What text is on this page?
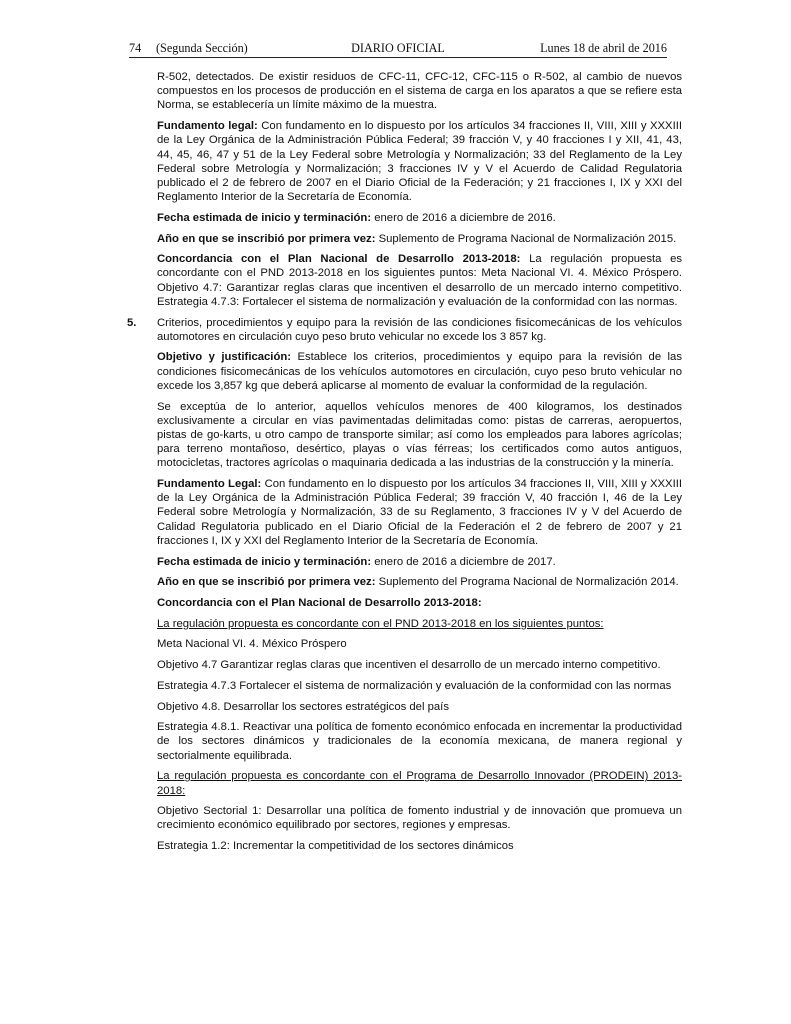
74 (Segunda Sección)	DIARIO OFICIAL	Lunes 18 de abril de 2016

R-502, detectados. De existir residuos de CFC-11, CFC-12, CFC-115 o R-502, al cambio de nuevos compuestos en los procesos de producción en el sistema de carga en los aparatos a que se refiere esta Norma, se establecería un límite máximo de la muestra.

Fundamento legal: Con fundamento en lo dispuesto por los artículos 34 fracciones II, VIII, XIII y XXXIII de la Ley Orgánica de la Administración Pública Federal; 39 fracción V, y 40 fracciones I y XII, 41, 43, 44, 45, 46, 47 y 51 de la Ley Federal sobre Metrología y Normalización; 33 del Reglamento de la Ley Federal sobre Metrología y Normalización; 3 fracciones IV y V el Acuerdo de Calidad Regulatoria publicado el 2 de febrero de 2007 en el Diario Oficial de la Federación; y 21 fracciones I, IX y XXI del Reglamento Interior de la Secretaría de Economía.

Fecha estimada de inicio y terminación: enero de 2016 a diciembre de 2016.

Año en que se inscribió por primera vez: Suplemento de Programa Nacional de Normalización 2015.

Concordancia con el Plan Nacional de Desarrollo 2013-2018: La regulación propuesta es concordante con el PND 2013-2018 en los siguientes puntos: Meta Nacional VI. 4. México Próspero. Objetivo 4.7: Garantizar reglas claras que incentiven el desarrollo de un mercado interno competitivo. Estrategia 4.7.3: Fortalecer el sistema de normalización y evaluación de la conformidad con las normas.

5. Criterios, procedimientos y equipo para la revisión de las condiciones fisicomecánicas de los vehículos automotores en circulación cuyo peso bruto vehicular no excede los 3 857 kg.

Objetivo y justificación: Establece los criterios, procedimientos y equipo para la revisión de las condiciones fisicomecánicas de los vehículos automotores en circulación, cuyo peso bruto vehicular no excede los 3,857 kg que deberá aplicarse al momento de evaluar la conformidad de la regulación.

Se exceptúa de lo anterior, aquellos vehículos menores de 400 kilogramos, los destinados exclusivamente a circular en vías pavimentadas delimitadas como: pistas de carreras, aeropuertos, pistas de go-karts, u otro campo de transporte similar; así como los empleados para labores agrícolas; para terreno montañoso, desértico, playas o vías férreas; los certificados como autos antiguos, motocicletas, tractores agrícolas o maquinaria dedicada a las industrias de la construcción y la minería.

Fundamento Legal: Con fundamento en lo dispuesto por los artículos 34 fracciones II, VIII, XIII y XXXIII de la Ley Orgánica de la Administración Pública Federal; 39 fracción V, 40 fracción I, 46 de la Ley Federal sobre Metrología y Normalización, 33 de su Reglamento, 3 fracciones IV y V del Acuerdo de Calidad Regulatoria publicado en el Diario Oficial de la Federación el 2 de febrero de 2007 y 21 fracciones I, IX y XXI del Reglamento Interior de la Secretaría de Economía.

Fecha estimada de inicio y terminación: enero de 2016 a diciembre de 2017.

Año en que se inscribió por primera vez: Suplemento del Programa Nacional de Normalización 2014.

Concordancia con el Plan Nacional de Desarrollo 2013-2018:

La regulación propuesta es concordante con el PND 2013-2018 en los siguientes puntos:

Meta Nacional VI. 4. México Próspero

Objetivo 4.7 Garantizar reglas claras que incentiven el desarrollo de un mercado interno competitivo.

Estrategia 4.7.3 Fortalecer el sistema de normalización y evaluación de la conformidad con las normas

Objetivo 4.8. Desarrollar los sectores estratégicos del país

Estrategia 4.8.1. Reactivar una política de fomento económico enfocada en incrementar la productividad de los sectores dinámicos y tradicionales de la economía mexicana, de manera regional y sectorialmente equilibrada.

La regulación propuesta es concordante con el Programa de Desarrollo Innovador (PRODEIN) 2013-2018:

Objetivo Sectorial 1: Desarrollar una política de fomento industrial y de innovación que promueva un crecimiento económico equilibrado por sectores, regiones y empresas.

Estrategia 1.2: Incrementar la competitividad de los sectores dinámicos
